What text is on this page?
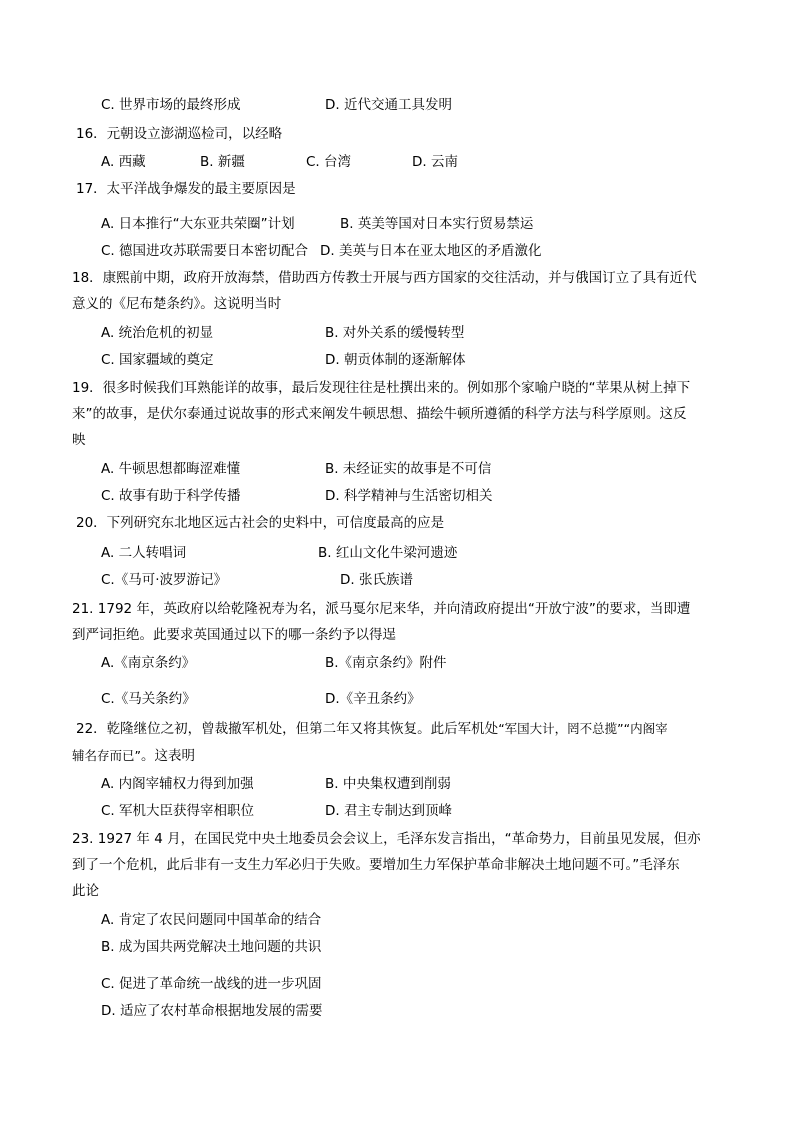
C. 世界市场的最终形成	D. 近代交通工具发明
16．元朝设立澎湖巡检司，以经略
A. 西藏	B. 新疆	C. 台湾	D. 云南
17．太平洋战争爆发的最主要原因是
A. 日本推行“大东亚共荣圈”计划	B. 英美等国对日本实行贸易禁运
C. 德国进攻苏联需要日本密切配合 D. 美英与日本在亚太地区的矛盾激化
18．康熙前中期，政府开放海禁，借助西方传教士开展与西方国家的交往活动，并与俄国订立了具有近代
意义的《尼布楚条约》。这说明当时
A. 统治危机的初显	B. 对外关系的缓慢转型
C. 国家疆域的奠定	D. 朝贡体制的逐渐解体
19．很多时候我们耳熟能详的故事，最后发现往往是杜撰出来的。例如那个家喻户晓的“苹果从树上掉下
来”的故事，是伏尔泰通过说故事的形式来阐发牛顿思想、描绘牛顿所遵循的科学方法与科学原则。这反
映
A. 牛顿思想都晦涩难懂	B. 未经证实的故事是不可信
C. 故事有助于科学传播	D. 科学精神与生活密切相关
20．下列研究东北地区远古社会的史料中，可信度最高的应是
A. 二人转唱词	B. 红山文化牛梁河遗迹
C.《马可·波罗游记》	D. 张氏族谱
21. 1792 年，英政府以给乾隆祝寿为名，派马戛尔尼来华，并向清政府提出“开放宁波”的要求，当即遭
到严词拒绝。此要求英国通过以下的哪一条约予以得逞
A.《南京条约》	B.《南京条约》附件
C.《马关条约》	D.《辛丑条约》
22．乾隆继位之初，曾裁撤军机处，但第二年又将其恢复。此后军机处“军国大计，罔不总揽”“内阁宰
辅名存而已”。这表明
A. 内阁宰辅权力得到加强	B. 中央集权遭到削弱
C. 军机大臣获得宰相职位	D. 君主专制达到顶峰
23. 1927 年 4 月，在国民党中央土地委员会会议上，毛泽东发言指出，“革命势力，目前虽见发展，但亦
到了一个危机，此后非有一支生力军必归于失败。要增加生力军保护革命非解决土地问题不可。”毛泽东
此论
A. 肯定了农民问题同中国革命的结合
B. 成为国共两党解决土地问题的共识
C. 促进了革命统一战线的进一步巩固
D. 适应了农村革命根据地发展的需要
